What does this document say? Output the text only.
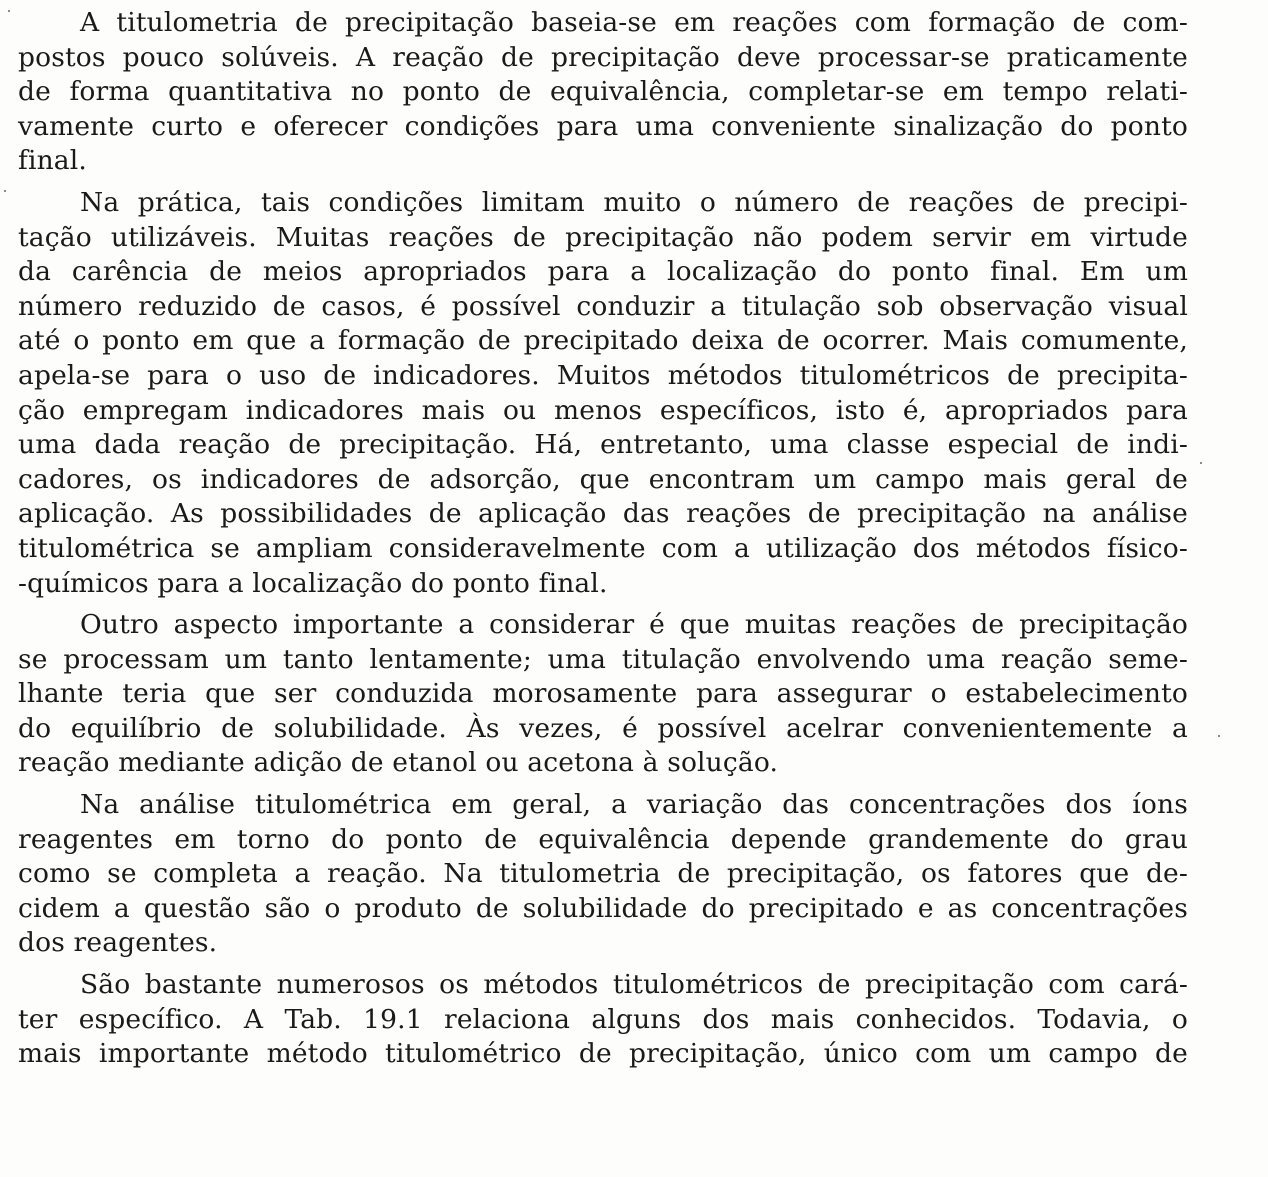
A titulometria de precipitação baseia-se em reações com formação de com-
postos pouco solúveis. A reação de precipitação deve processar-se praticamente
de forma quantitativa no ponto de equivalência, completar-se em tempo relati-
vamente curto e oferecer condições para uma conveniente sinalização do ponto
final.
Na prática, tais condições limitam muito o número de reações de precipi-
tação utilizáveis. Muitas reações de precipitação não podem servir em virtude
da carência de meios apropriados para a localização do ponto final. Em um
número reduzido de casos, é possível conduzir a titulação sob observação visual
até o ponto em que a formação de precipitado deixa de ocorrer. Mais comumente,
apela-se para o uso de indicadores. Muitos métodos titulométricos de precipita-
ção empregam indicadores mais ou menos específicos, isto é, apropriados para
uma dada reação de precipitação. Há, entretanto, uma classe especial de indi-
cadores, os indicadores de adsorção, que encontram um campo mais geral de
aplicação. As possibilidades de aplicação das reações de precipitação na análise
titulométrica se ampliam consideravelmente com a utilização dos métodos físico-
-químicos para a localização do ponto final.
Outro aspecto importante a considerar é que muitas reações de precipitação
se processam um tanto lentamente; uma titulação envolvendo uma reação seme-
lhante teria que ser conduzida morosamente para assegurar o estabelecimento
do equilíbrio de solubilidade. Às vezes, é possível acelrar convenientemente a
reação mediante adição de etanol ou acetona à solução.
Na análise titulométrica em geral, a variação das concentrações dos íons
reagentes em torno do ponto de equivalência depende grandemente do grau
como se completa a reação. Na titulometria de precipitação, os fatores que de-
cidem a questão são o produto de solubilidade do precipitado e as concentrações
dos reagentes.
São bastante numerosos os métodos titulométricos de precipitação com cará-
ter específico. A Tab. 19.1 relaciona alguns dos mais conhecidos. Todavia, o
mais importante método titulométrico de precipitação, único com um campo de
